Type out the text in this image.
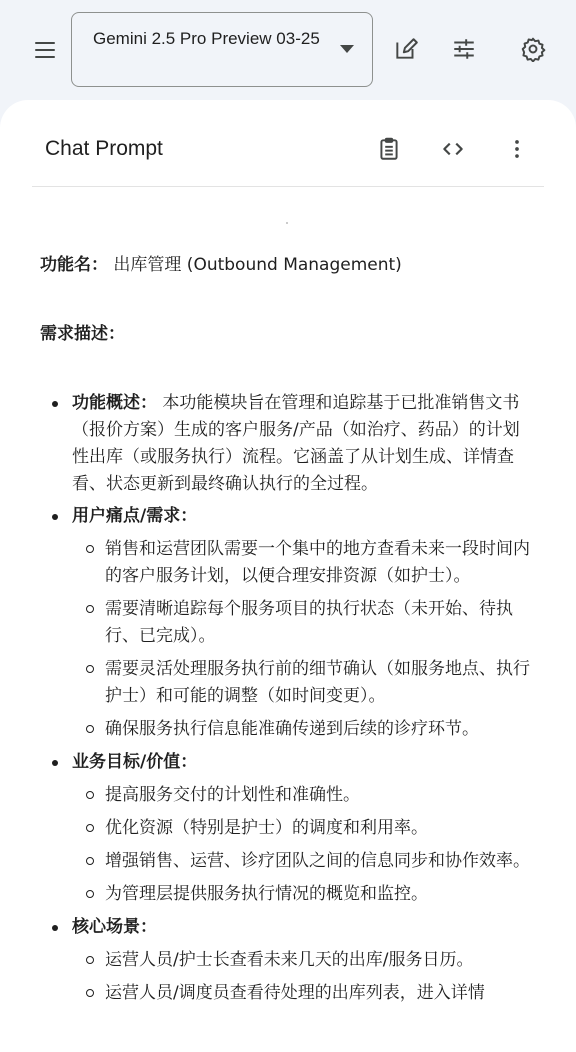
Gemini 2.5 Pro Preview 03-25
Chat Prompt

功能名： 出库管理 (Outbound Management)

需求描述：

功能概述： 本功能模块旨在管理和追踪基于已批准销售文书（报价方案）生成的客户服务/产品（如治疗、药品）的计划性出库（或服务执行）流程。它涵盖了从计划生成、详情查看、状态更新到最终确认执行的全过程。
用户痛点/需求：
销售和运营团队需要一个集中的地方查看未来一段时间内的客户服务计划，以便合理安排资源（如护士）。
需要清晰追踪每个服务项目的执行状态（未开始、待执行、已完成）。
需要灵活处理服务执行前的细节确认（如服务地点、执行护士）和可能的调整（如时间变更）。
确保服务执行信息能准确传递到后续的诊疗环节。
业务目标/价值：
提高服务交付的计划性和准确性。
优化资源（特别是护士）的调度和利用率。
增强销售、运营、诊疗团队之间的信息同步和协作效率。
为管理层提供服务执行情况的概览和监控。
核心场景：
运营人员/护士长查看未来几天的出库/服务日历。
运营人员/调度员查看待处理的出库列表，进入详情
